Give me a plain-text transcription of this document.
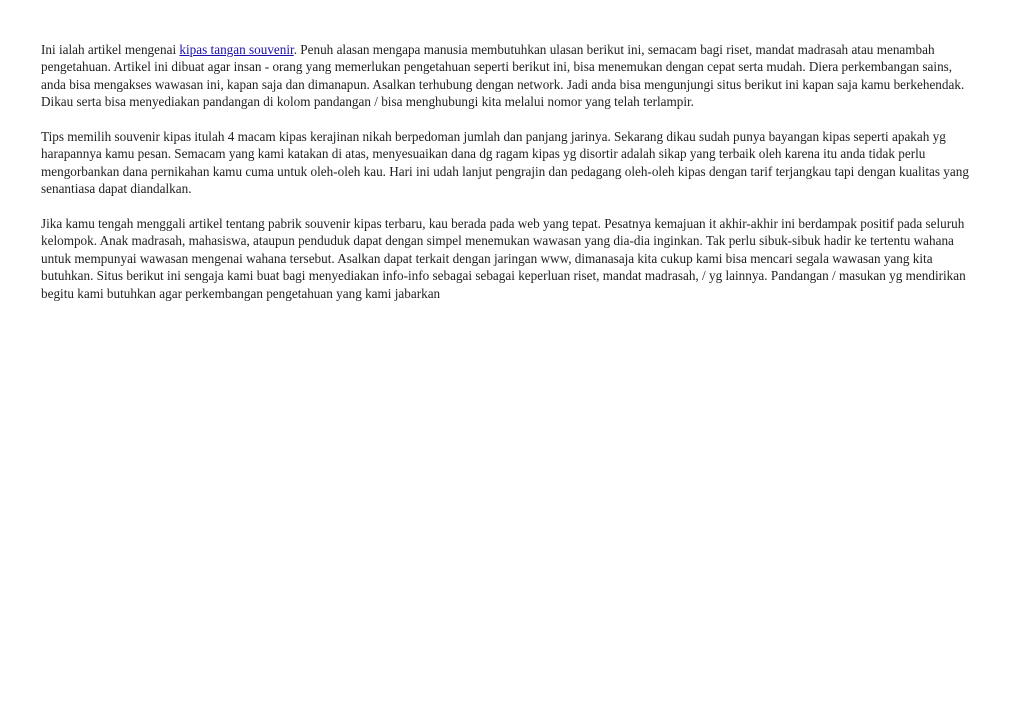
Ini ialah artikel mengenai kipas tangan souvenir. Penuh alasan mengapa manusia membutuhkan ulasan berikut ini, semacam bagi riset, mandat madrasah atau menambah pengetahuan. Artikel ini dibuat agar insan - orang yang memerlukan pengetahuan seperti berikut ini, bisa menemukan dengan cepat serta mudah. Diera perkembangan sains, anda bisa mengakses wawasan ini, kapan saja dan dimanapun. Asalkan terhubung dengan network. Jadi anda bisa mengunjungi situs berikut ini kapan saja kamu berkehendak. Dikau serta bisa menyediakan pandangan di kolom pandangan / bisa menghubungi kita melalui nomor yang telah terlampir.

Tips memilih souvenir kipas itulah 4 macam kipas kerajinan nikah berpedoman jumlah dan panjang jarinya. Sekarang dikau sudah punya bayangan kipas seperti apakah yg harapannya kamu pesan. Semacam yang kami katakan di atas, menyesuaikan dana dg ragam kipas yg disortir adalah sikap yang terbaik oleh karena itu anda tidak perlu mengorbankan dana pernikahan kamu cuma untuk oleh-oleh kau. Hari ini udah lanjut pengrajin dan pedagang oleh-oleh kipas dengan tarif terjangkau tapi dengan kualitas yang senantiasa dapat diandalkan.

Jika kamu tengah menggali artikel tentang pabrik souvenir kipas terbaru, kau berada pada web yang tepat. Pesatnya kemajuan it akhir-akhir ini berdampak positif pada seluruh kelompok. Anak madrasah, mahasiswa, ataupun penduduk dapat dengan simpel menemukan wawasan yang dia-dia inginkan. Tak perlu sibuk-sibuk hadir ke tertentu wahana untuk mempunyai wawasan mengenai wahana tersebut. Asalkan dapat terkait dengan jaringan www, dimanasaja kita cukup kami bisa mencari segala wawasan yang kita butuhkan. Situs berikut ini sengaja kami buat bagi menyediakan info-info sebagai sebagai keperluan riset, mandat madrasah, / yg lainnya. Pandangan / masukan yg mendirikan begitu kami butuhkan agar perkembangan pengetahuan yang kami jabarkan
